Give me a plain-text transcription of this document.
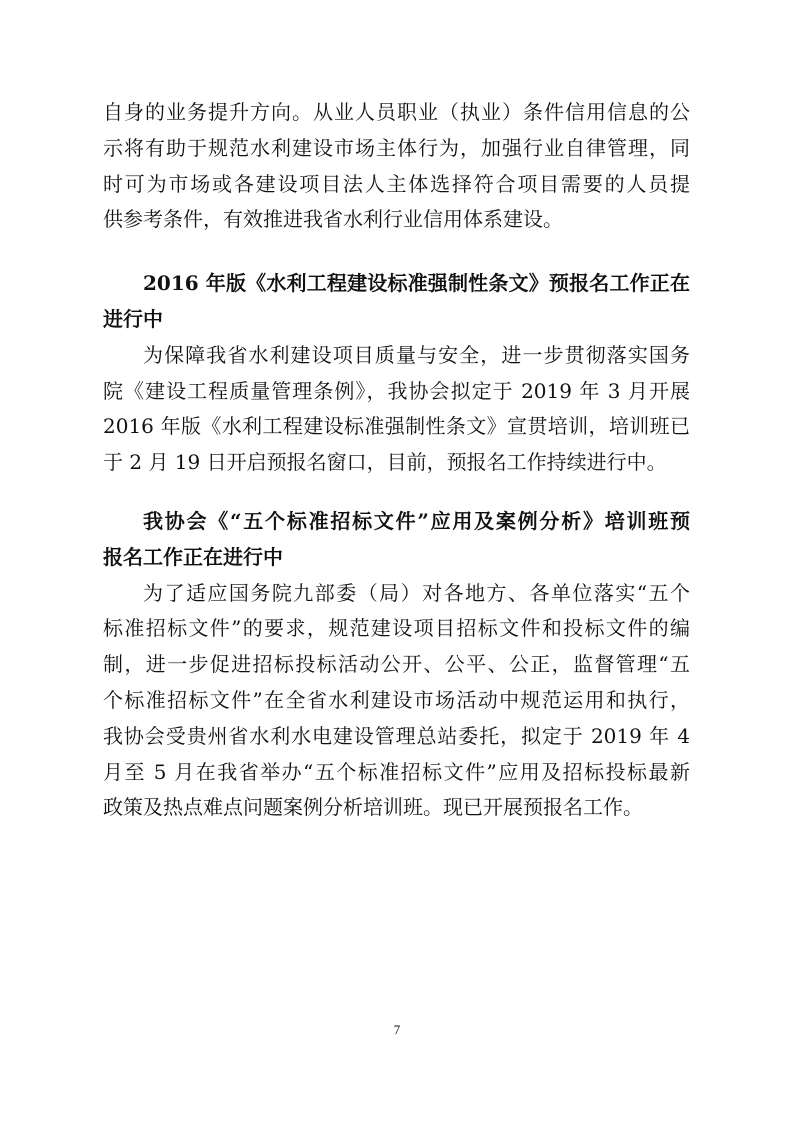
自身的业务提升方向。从业人员职业（执业）条件信用信息的公
示将有助于规范水利建设市场主体行为，加强行业自律管理，同
时可为市场或各建设项目法人主体选择符合项目需要的人员提
供参考条件，有效推进我省水利行业信用体系建设。
2016 年版《水利工程建设标准强制性条文》预报名工作正在
进行中
为保障我省水利建设项目质量与安全，进一步贯彻落实国务
院《建设工程质量管理条例》，我协会拟定于 2019 年 3 月开展
2016 年版《水利工程建设标准强制性条文》宣贯培训，培训班已
于 2 月 19 日开启预报名窗口，目前，预报名工作持续进行中。
我协会《“五个标准招标文件”应用及案例分析》培训班预
报名工作正在进行中
为了适应国务院九部委（局）对各地方、各单位落实“五个
标准招标文件”的要求，规范建设项目招标文件和投标文件的编
制，进一步促进招标投标活动公开、公平、公正，监督管理“五
个标准招标文件”在全省水利建设市场活动中规范运用和执行，
我协会受贵州省水利水电建设管理总站委托，拟定于 2019 年 4
月至 5 月在我省举办“五个标准招标文件”应用及招标投标最新
政策及热点难点问题案例分析培训班。现已开展预报名工作。
7
